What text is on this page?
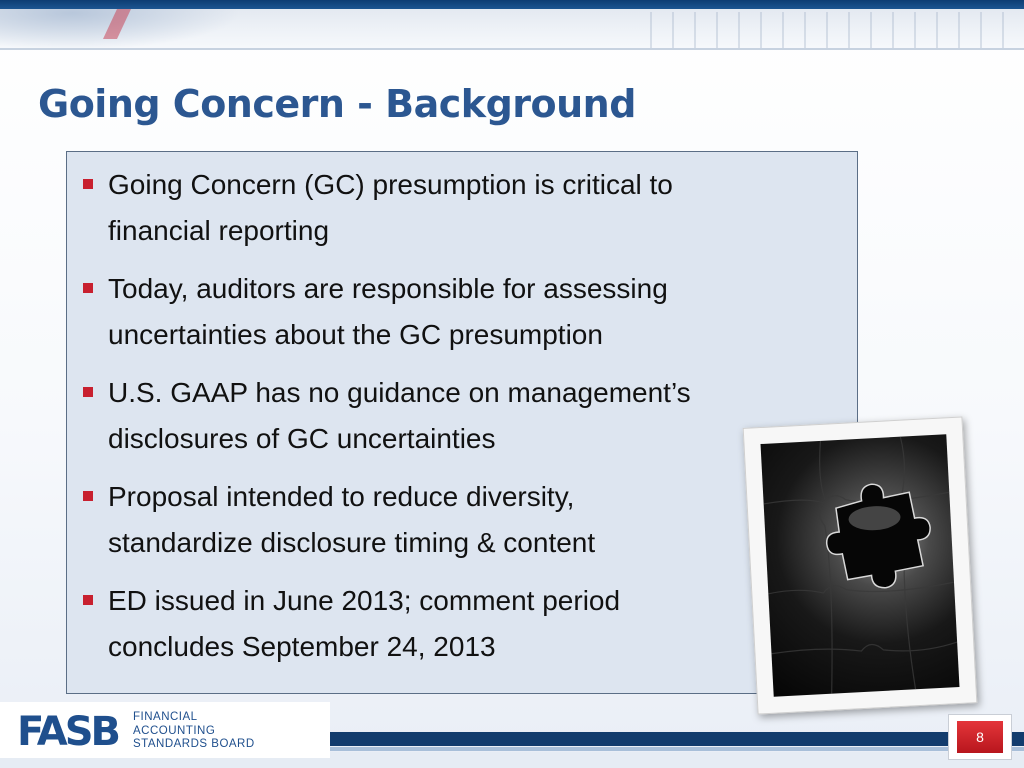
Going Concern - Background
Going Concern (GC) presumption is critical to
financial reporting
Today, auditors are responsible for assessing
uncertainties about the GC presumption
U.S. GAAP has no guidance on management’s
disclosures of GC uncertainties
Proposal intended to reduce diversity,
standardize disclosure timing & content
ED issued in June 2013; comment period
concludes September 24, 2013
FASB FINANCIAL
ACCOUNTING
STANDARDS BOARD	8
